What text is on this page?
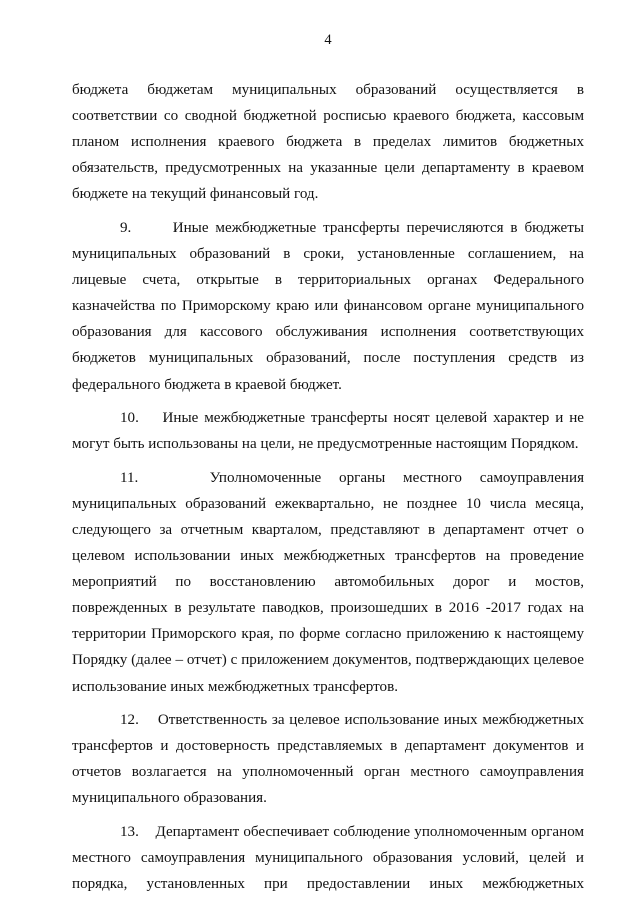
4

бюджета бюджетам муниципальных образований осуществляется в соответствии со сводной бюджетной росписью краевого бюджета, кассовым планом исполнения краевого бюджета в пределах лимитов бюджетных обязательств, предусмотренных на указанные цели департаменту в краевом бюджете на текущий финансовый год.

9.	Иные межбюджетные трансферты перечисляются в бюджеты муниципальных образований в сроки, установленные соглашением, на лицевые счета, открытые в территориальных органах Федерального казначейства по Приморскому краю или финансовом органе муниципального образования для кассового обслуживания исполнения соответствующих бюджетов муниципальных образований, после поступления средств из федерального бюджета в краевой бюджет.

10. Иные межбюджетные трансферты носят целевой характер и не могут быть использованы на цели, не предусмотренные настоящим Порядком.

11.	Уполномоченные органы местного самоуправления муниципальных образований ежеквартально, не позднее 10 числа месяца, следующего за отчетным кварталом, представляют в департамент отчет о целевом использовании иных межбюджетных трансфертов на проведение мероприятий по восстановлению автомобильных дорог и мостов, поврежденных в результате паводков, произошедших в 2016 -2017 годах на территории Приморского края, по форме согласно приложению к настоящему Порядку (далее – отчет) с приложением документов, подтверждающих целевое использование иных межбюджетных трансфертов.

12. Ответственность за целевое использование иных межбюджетных трансфертов и достоверность представляемых в департамент документов и отчетов возлагается на уполномоченный орган местного самоуправления муниципального образования.

13. Департамент обеспечивает соблюдение уполномоченным органом местного самоуправления муниципального образования условий, целей и порядка, установленных при предоставлении иных межбюджетных
